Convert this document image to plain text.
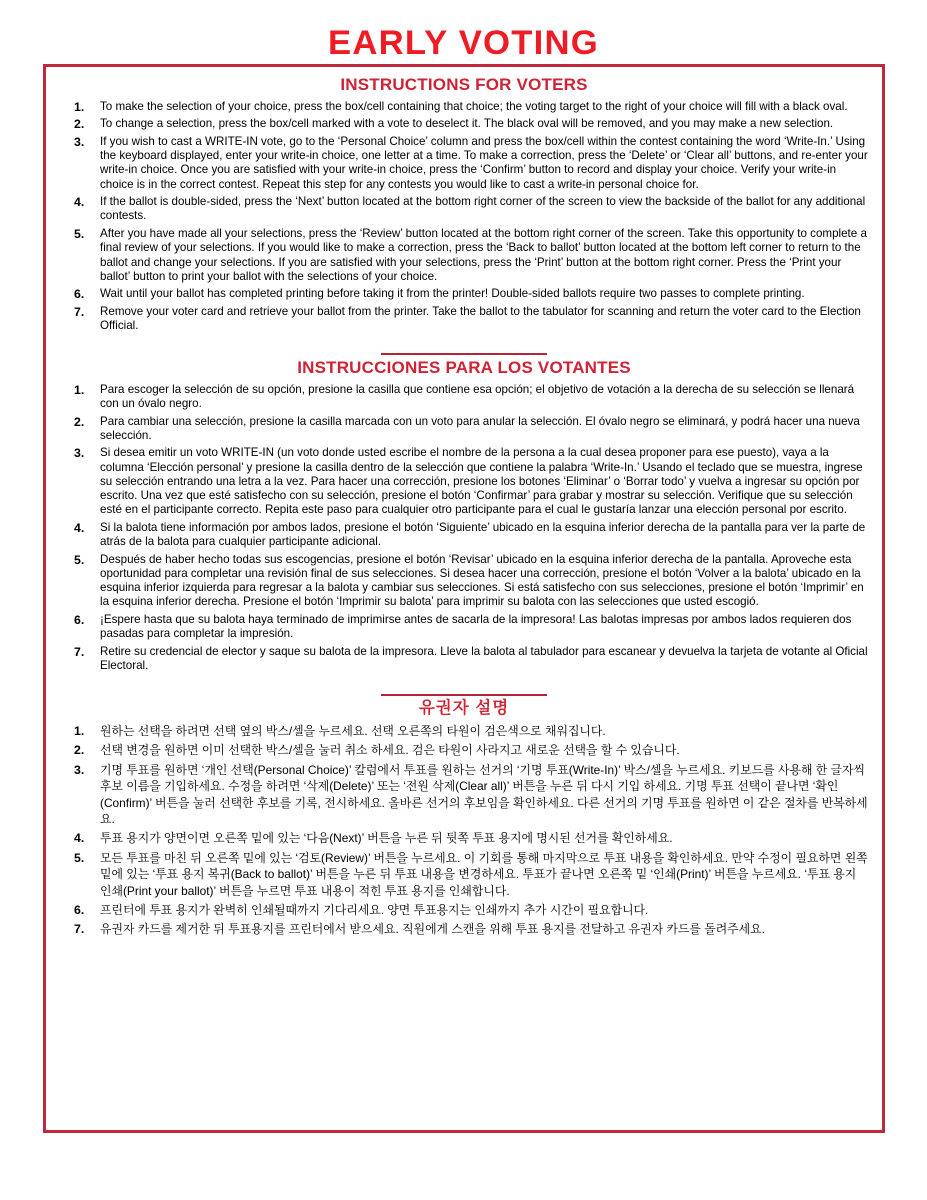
EARLY VOTING
INSTRUCTIONS FOR VOTERS
1.	To make the selection of your choice, press the box/cell containing that choice; the voting target to the right of your choice will fill with a black oval.
2.	To change a selection, press the box/cell marked with a vote to deselect it. The black oval will be removed, and you may make a new selection.
3.	If you wish to cast a WRITE-IN vote, go to the ‘Personal Choice’ column and press the box/cell within the contest containing the word ‘Write-In.’ Using the keyboard displayed, enter your write-in choice, one letter at a time. To make a correction, press the ‘Delete’ or ‘Clear all’ buttons, and re-enter your write-in choice. Once you are satisfied with your write-in choice, press the ‘Confirm’ button to record and display your choice. Verify your write-in choice is in the correct contest. Repeat this step for any contests you would like to cast a write-in personal choice for.
4.	If the ballot is double-sided, press the ‘Next’ button located at the bottom right corner of the screen to view the backside of the ballot for any additional contests.
5.	After you have made all your selections, press the ‘Review’ button located at the bottom right corner of the screen. Take this opportunity to complete a final review of your selections. If you would like to make a correction, press the ‘Back to ballot’ button located at the bottom left corner to return to the ballot and change your selections. If you are satisfied with your selections, press the ‘Print’ button at the bottom right corner. Press the ‘Print your ballot’ button to print your ballot with the selections of your choice.
6.	Wait until your ballot has completed printing before taking it from the printer! Double-sided ballots require two passes to complete printing.
7.	Remove your voter card and retrieve your ballot from the printer. Take the ballot to the tabulator for scanning and return the voter card to the Election Official.
INSTRUCCIONES PARA LOS VOTANTES
1.	Para escoger la selección de su opción, presione la casilla que contiene esa opción; el objetivo de votación a la derecha de su selección se llenará con un óvalo negro.
2.	Para cambiar una selección, presione la casilla marcada con un voto para anular la selección. El óvalo negro se eliminará, y podrá hacer una nueva selección.
3.	Si desea emitir un voto WRITE-IN (un voto donde usted escribe el nombre de la persona a la cual desea proponer para ese puesto), vaya a la columna ‘Elección personal’ y presione la casilla dentro de la selección que contiene la palabra ‘Write-In.’ Usando el teclado que se muestra, ingrese su selección entrando una letra a la vez. Para hacer una corrección, presione los botones ‘Eliminar’ o ‘Borrar todo’ y vuelva a ingresar su opción por escrito. Una vez que esté satisfecho con su selección, presione el botón ‘Confirmar’ para grabar y mostrar su selección. Verifique que su selección esté en el participante correcto. Repita este paso para cualquier otro participante para el cual le gustaría lanzar una elección personal por escrito.
4.	Si la balota tiene información por ambos lados, presione el botón ‘Siguiente’ ubicado en la esquina inferior derecha de la pantalla para ver la parte de atrás de la balota para cualquier participante adicional.
5.	Después de haber hecho todas sus escogencias, presione el botón ‘Revisar’ ubicado en la esquina inferior derecha de la pantalla. Aproveche esta oportunidad para completar una revisión final de sus selecciones. Si desea hacer una corrección, presione el botón ‘Volver a la balota’ ubicado en la esquina inferior izquierda para regresar a la balota y cambiar sus selecciones. Si está satisfecho con sus selecciones, presione el botón ‘Imprimir’ en la esquina inferior derecha. Presione el botón ‘Imprimir su balota’ para imprimir su balota con las selecciones que usted escogió.
6.	¡Espere hasta que su balota haya terminado de imprimirse antes de sacarla de la impresora! Las balotas impresas por ambos lados requieren dos pasadas para completar la impresión.
7.	Retire su credencial de elector y saque su balota de la impresora. Lleve la balota al tabulador para escanear y devuelva la tarjeta de votante al Oficial Electoral.
유권자 설명
1.	원하는 선택을 하려면 선택 옆의 박스/셀을 누르세요. 선택 오른쪽의 타원이 검은색으로 채워집니다.
2.	선택 변경을 원하면 이미 선택한 박스/셀을 눌러 취소 하세요. 검은 타원이 사라지고 새로운 선택을 할 수 있습니다.
3.	기명 투표를 원하면 ‘개인 선택(Personal Choice)’ 칼럼에서 투표를 원하는 선거의 ‘기명 투표(Write-In)’ 박스/셀을 누르세요. 키보드를 사용해 한 글자씩 후보 이름을 기입하세요. 수정을 하려면 ‘삭제(Delete)’ 또는 ‘전원 삭제(Clear all)’ 버튼을 누른 뒤 다시 기입 하세요. 기명 투표 선택이 끝나면 ‘확인(Confirm)’ 버튼을 눌러 선택한 후보를 기록, 전시하세요. 올바른 선거의 후보임을 확인하세요. 다른 선거의 기명 투표를 원하면 이 같은 절차를 반복하세요.
4.	투표 용지가 양면이면 오른쪽 밑에 있는 ‘다음(Next)’ 버튼을 누른 뒤 뒷쪽 투표 용지에 명시된 선거를 확인하세요.
5.	모든 투표를 마친 뒤 오른쪽 밑에 있는 ‘검토(Review)’ 버튼을 누르세요. 이 기회를 통해 마지막으로 투표 내용을 확인하세요. 만약 수정이 필요하면 왼쪽 밑에 있는 ‘투표 용지 복귀(Back to ballot)’ 버튼을 누른 뒤 투표 내용을 변경하세요. 투표가 끝나면 오른쪽 밑 ‘인쇄(Print)’ 버튼을 누르세요. ‘투표 용지 인쇄(Print your ballot)’ 버튼을 누르면 투표 내용이 적힌 투표 용지를 인쇄합니다.
6.	프린터에 투표 용지가 완벽히 인쇄될때까지 기다리세요. 양면 투표용지는 인쇄까지 추가 시간이 필요합니다.
7.	유권자 카드를 제거한 뒤 투표용지를 프린터에서 받으세요. 직원에게 스캔을 위해 투표 용지를 전달하고 유권자 카드를 돌려주세요.
